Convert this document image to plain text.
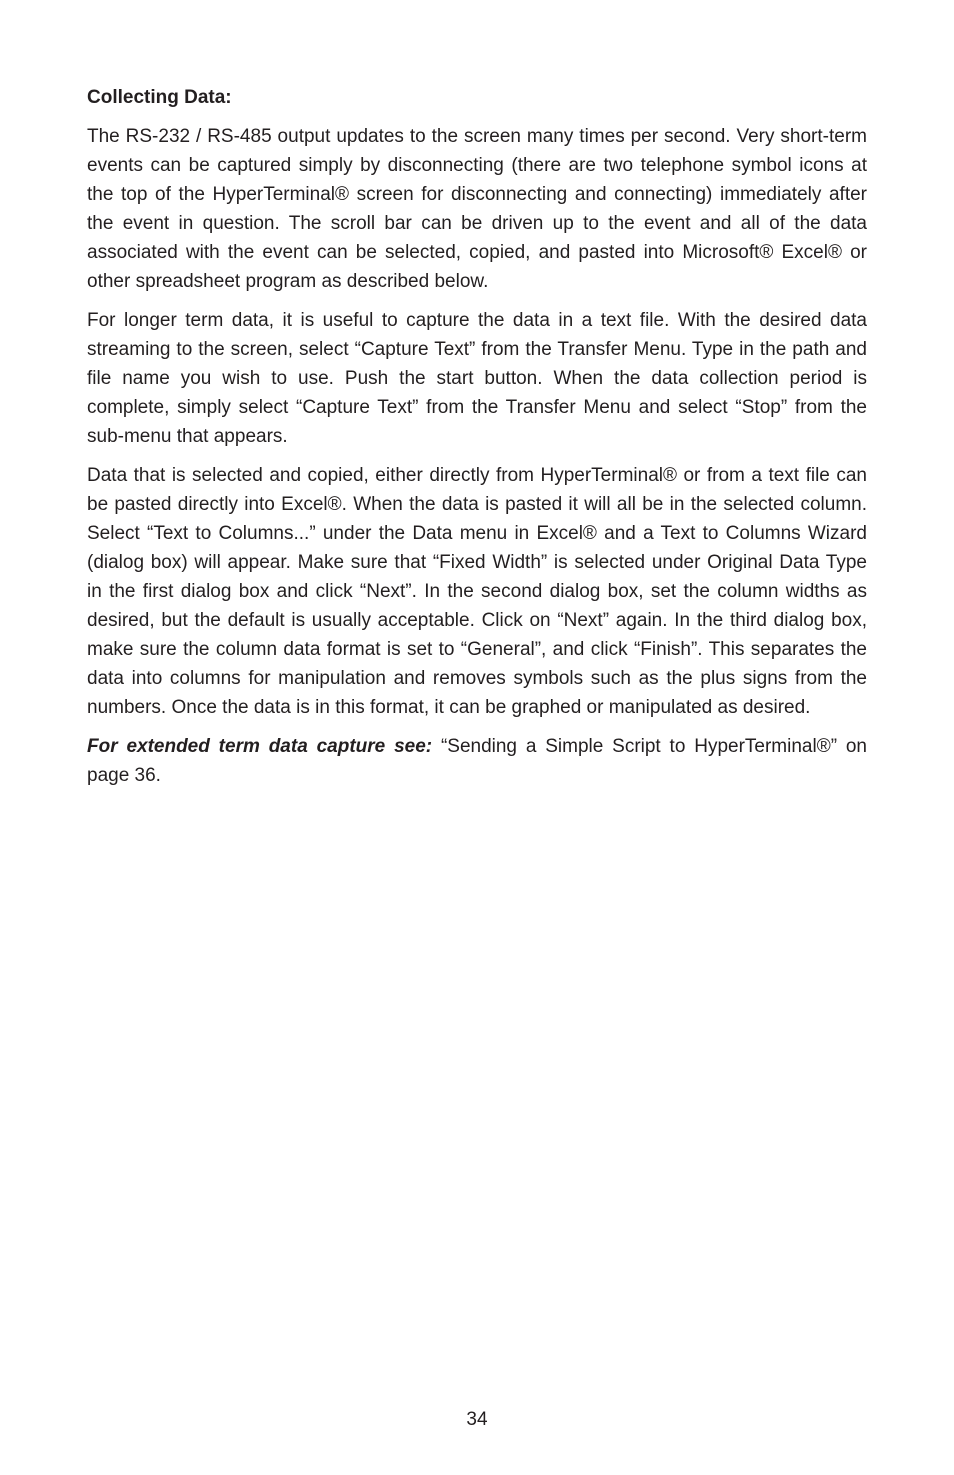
Collecting Data:

The RS-232 / RS-485 output updates to the screen many times per second. Very short-term events can be captured simply by disconnecting (there are two telephone symbol icons at the top of the HyperTerminal® screen for disconnecting and connecting) immediately after the event in question. The scroll bar can be driven up to the event and all of the data associated with the event can be selected, copied, and pasted into Microsoft® Excel® or other spreadsheet program as described below.

For longer term data, it is useful to capture the data in a text file. With the desired data streaming to the screen, select “Capture Text” from the Transfer Menu. Type in the path and file name you wish to use. Push the start button. When the data collection period is complete, simply select “Capture Text” from the Transfer Menu and select “Stop” from the sub-menu that appears.

Data that is selected and copied, either directly from HyperTerminal® or from a text file can be pasted directly into Excel®. When the data is pasted it will all be in the selected column. Select “Text to Columns...” under the Data menu in Excel® and a Text to Columns Wizard (dialog box) will appear. Make sure that “Fixed Width” is selected under Original Data Type in the first dialog box and click “Next”. In the second dialog box, set the column widths as desired, but the default is usually acceptable. Click on “Next” again. In the third dialog box, make sure the column data format is set to “General”, and click “Finish”. This separates the data into columns for manipulation and removes symbols such as the plus signs from the numbers. Once the data is in this format, it can be graphed or manipulated as desired.

For extended term data capture see: “Sending a Simple Script to HyperTerminal®” on page 36.

34
